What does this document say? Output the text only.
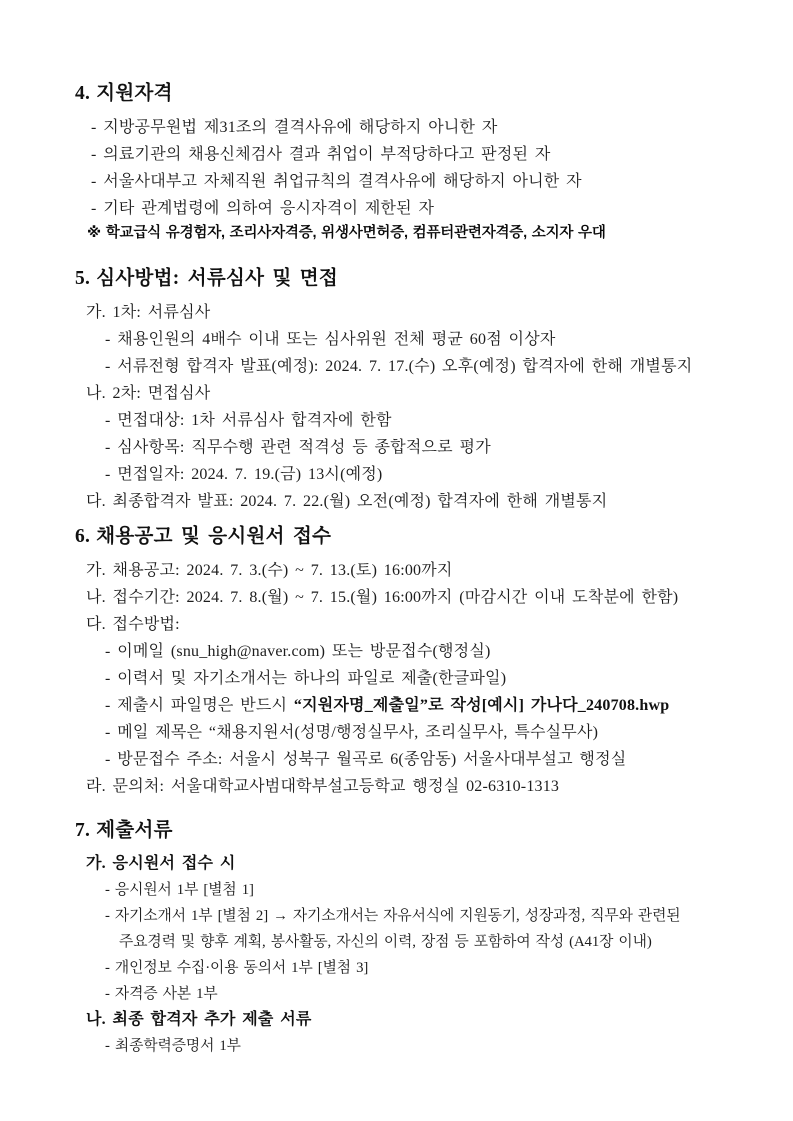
4. 지원자격

- 지방공무원법 제31조의 결격사유에 해당하지 아니한 자

- 의료기관의 채용신체검사 결과 취업이 부적당하다고 판정된 자

- 서울사대부고 자체직원 취업규칙의 결격사유에 해당하지 아니한 자

- 기타 관계법령에 의하여 응시자격이 제한된 자

※ 학교급식 유경험자, 조리사자격증, 위생사면허증, 컴퓨터관련자격증, 소지자 우대

5. 심사방법: 서류심사 및 면접

가. 1차: 서류심사

- 채용인원의 4배수 이내 또는 심사위원 전체 평균 60점 이상자

- 서류전형 합격자 발표(예정): 2024. 7. 17.(수) 오후(예정) 합격자에 한해 개별통지

나. 2차: 면접심사

- 면접대상: 1차 서류심사 합격자에 한함

- 심사항목: 직무수행 관련 적격성 등 종합적으로 평가

- 면접일자: 2024. 7. 19.(금) 13시(예정)

다. 최종합격자 발표: 2024. 7. 22.(월) 오전(예정) 합격자에 한해 개별통지

6. 채용공고 및 응시원서 접수

가. 채용공고: 2024. 7. 3.(수) ~ 7. 13.(토) 16:00까지

나. 접수기간: 2024. 7. 8.(월) ~ 7. 15.(월) 16:00까지 (마감시간 이내 도착분에 한함)

다. 접수방법:

- 이메일 (snu_high@naver.com) 또는 방문접수(행정실)

- 이력서 및 자기소개서는 하나의 파일로 제출(한글파일)

- 제출시 파일명은 반드시 “지원자명_제출일”로 작성[예시] 가나다_240708.hwp

- 메일 제목은 “채용지원서(성명/행정실무사, 조리실무사, 특수실무사)

- 방문접수 주소: 서울시 성북구 월곡로 6(종암동) 서울사대부설고 행정실

라. 문의처: 서울대학교사범대학부설고등학교 행정실 02-6310-1313

7. 제출서류

가. 응시원서 접수 시

- 응시원서 1부 [별첨 1]

- 자기소개서 1부 [별첨 2] → 자기소개서는 자유서식에 지원동기, 성장과정, 직무와 관련된

주요경력 및 향후 계획, 봉사활동, 자신의 이력, 장점 등 포함하여 작성 (A41장 이내)

- 개인정보 수집·이용 동의서 1부 [별첨 3]

- 자격증 사본 1부

나. 최종 합격자 추가 제출 서류

- 최종학력증명서 1부
